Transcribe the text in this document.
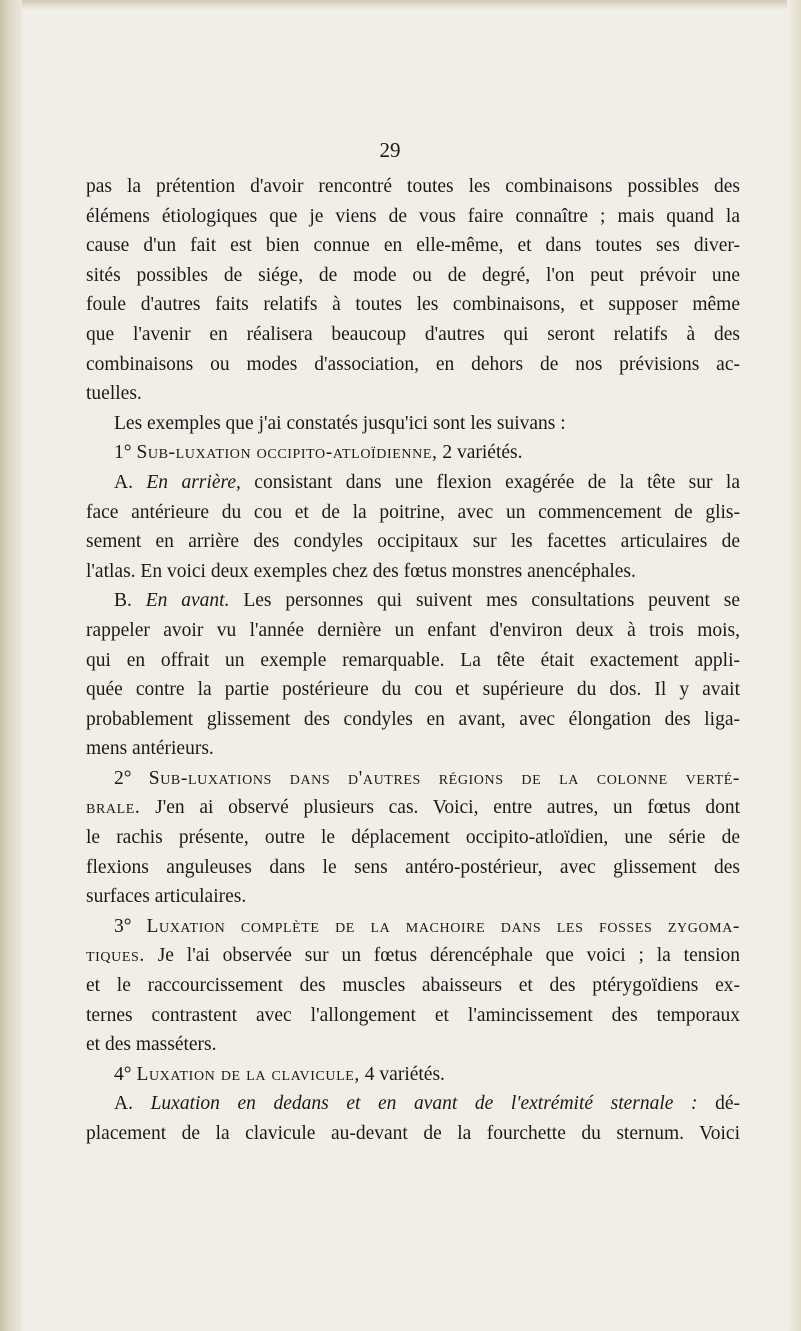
29
pas la prétention d'avoir rencontré toutes les combinaisons possibles des
élémens étiologiques que je viens de vous faire connaître ; mais quand la
cause d'un fait est bien connue en elle-même, et dans toutes ses diver-
sités possibles de siége, de mode ou de degré, l'on peut prévoir une
foule d'autres faits relatifs à toutes les combinaisons, et supposer même
que l'avenir en réalisera beaucoup d'autres qui seront relatifs à des
combinaisons ou modes d'association, en dehors de nos prévisions ac-
tuelles.
Les exemples que j'ai constatés jusqu'ici sont les suivans :
1° Sub-luxation occipito-atloïdienne, 2 variétés.
A. En arrière, consistant dans une flexion exagérée de la tête sur la
face antérieure du cou et de la poitrine, avec un commencement de glis-
sement en arrière des condyles occipitaux sur les facettes articulaires de
l'atlas. En voici deux exemples chez des fœtus monstres anencéphales.
B. En avant. Les personnes qui suivent mes consultations peuvent se
rappeler avoir vu l'année dernière un enfant d'environ deux à trois mois,
qui en offrait un exemple remarquable. La tête était exactement appli-
quée contre la partie postérieure du cou et supérieure du dos. Il y avait
probablement glissement des condyles en avant, avec élongation des liga-
mens antérieurs.
2° Sub-luxations dans d'autres régions de la colonne verté-
brale. J'en ai observé plusieurs cas. Voici, entre autres, un fœtus dont
le rachis présente, outre le déplacement occipito-atloïdien, une série de
flexions anguleuses dans le sens antéro-postérieur, avec glissement des
surfaces articulaires.
3° Luxation complète de la machoire dans les fosses zygoma-
tiques. Je l'ai observée sur un fœtus dérencéphale que voici ; la tension
et le raccourcissement des muscles abaisseurs et des ptérygoïdiens ex-
ternes contrastent avec l'allongement et l'amincissement des temporaux
et des masséters.
4° Luxation de la clavicule, 4 variétés.
A. Luxation en dedans et en avant de l'extrémité sternale : dé-
placement de la clavicule au-devant de la fourchette du sternum. Voici
